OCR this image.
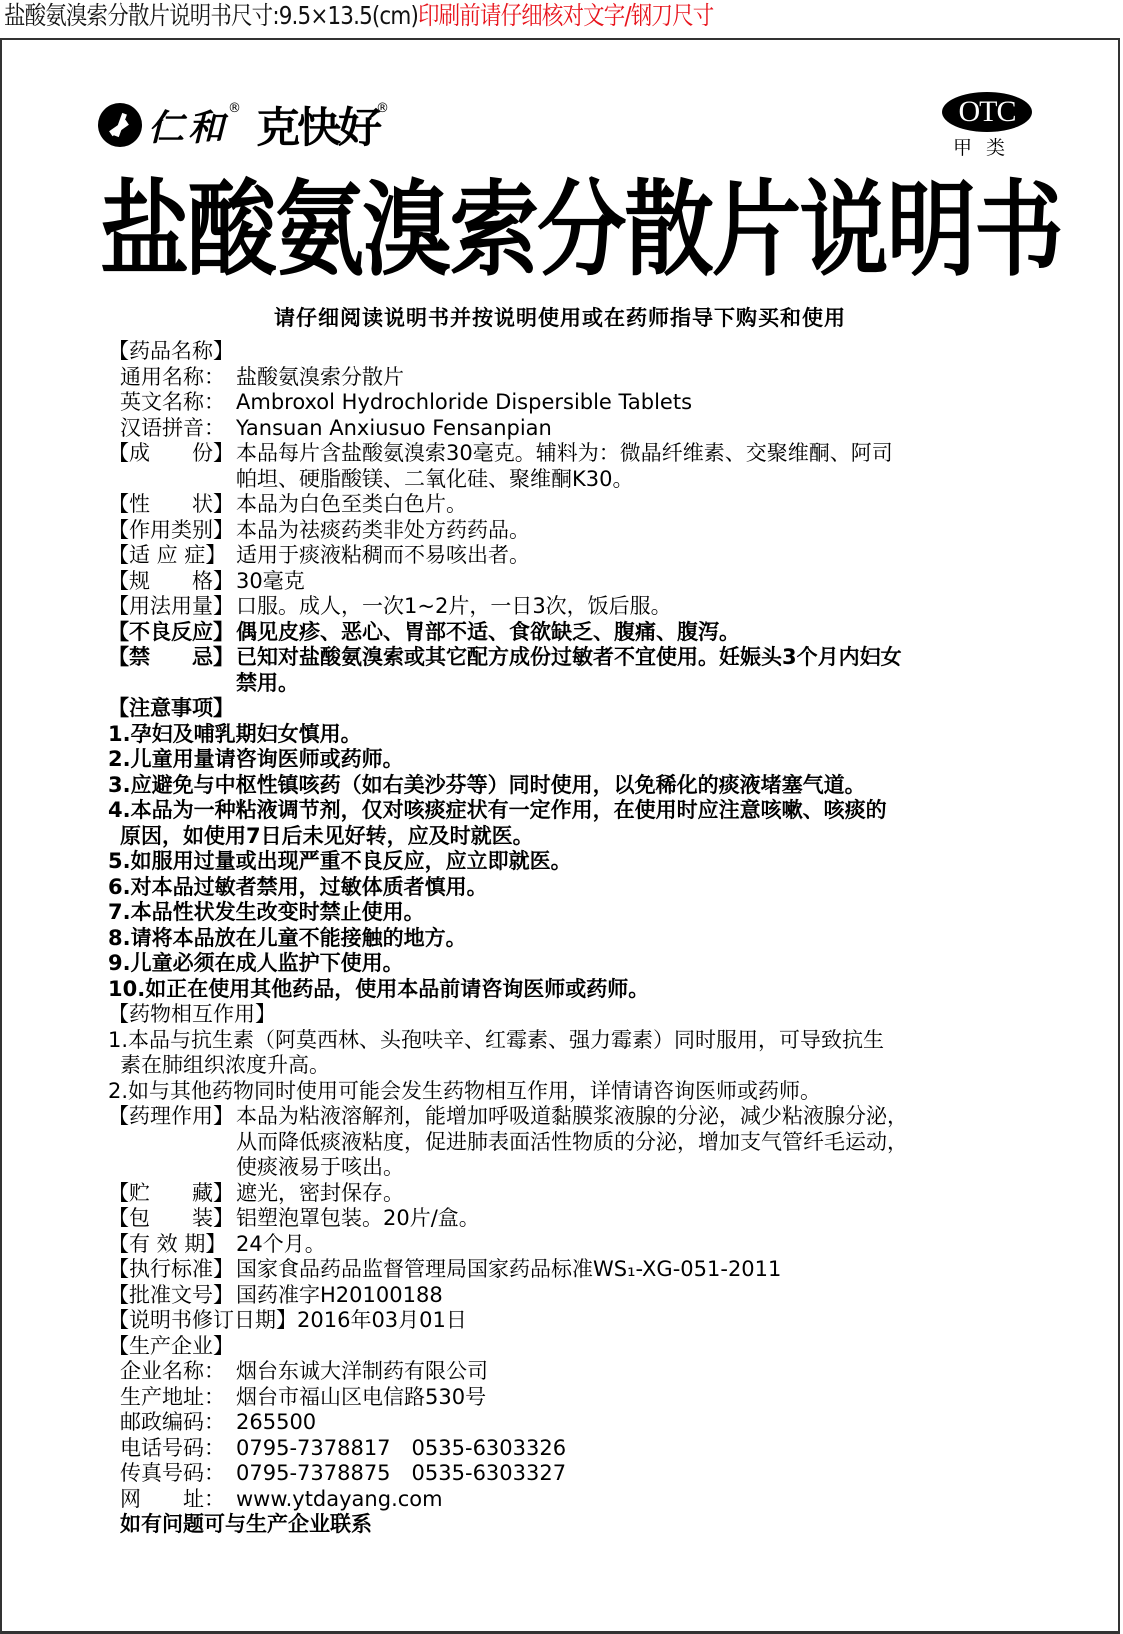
盐酸氨溴索分散片说明书尺寸:9.5×13.5(cm)印刷前请仔细核对文字/钢刀尺寸
仁和 ® 克快好
®	OTC
甲类
盐酸氨溴索分散片说明书
请仔细阅读说明书并按说明使用或在药师指导下购买和使用
【药品名称】
通用名称： 盐酸氨溴索分散片
英文名称： Ambroxol Hydrochloride Dispersible Tablets
汉语拼音： Yansuan Anxiusuo Fensanpian
【成　　份】 本品每片含盐酸氨溴索30毫克。辅料为：微晶纤维素、交聚维酮、阿司
帕坦、硬脂酸镁、二氧化硅、聚维酮K30。
【性　　状】 本品为白色至类白色片。
【作用类别】 本品为祛痰药类非处方药药品。
【适 应 症】 适用于痰液粘稠而不易咳出者。
【规　　格】 30毫克
【用法用量】 口服。成人，一次1~2片，一日3次，饭后服。
【不良反应】 偶见皮疹、恶心、胃部不适、食欲缺乏、腹痛、腹泻。
【禁　　忌】 已知对盐酸氨溴索或其它配方成份过敏者不宜使用。妊娠头3个月内妇女
禁用。
【注意事项】
1.孕妇及哺乳期妇女慎用。
2.儿童用量请咨询医师或药师。
3.应避免与中枢性镇咳药（如右美沙芬等）同时使用，以免稀化的痰液堵塞气道。
4.本品为一种粘液调节剂，仅对咳痰症状有一定作用，在使用时应注意咳嗽、咳痰的
原因，如使用7日后未见好转，应及时就医。
5.如服用过量或出现严重不良反应，应立即就医。
6.对本品过敏者禁用，过敏体质者慎用。
7.本品性状发生改变时禁止使用。
8.请将本品放在儿童不能接触的地方。
9.儿童必须在成人监护下使用。
10.如正在使用其他药品，使用本品前请咨询医师或药师。
【药物相互作用】
1.本品与抗生素（阿莫西林、头孢呋辛、红霉素、强力霉素）同时服用，可导致抗生
素在肺组织浓度升高。
2.如与其他药物同时使用可能会发生药物相互作用，详情请咨询医师或药师。
【药理作用】 本品为粘液溶解剂，能增加呼吸道黏膜浆液腺的分泌，减少粘液腺分泌，
从而降低痰液粘度，促进肺表面活性物质的分泌，增加支气管纤毛运动，
使痰液易于咳出。
【贮　　藏】 遮光，密封保存。
【包　　装】 铝塑泡罩包装。20片/盒。
【有 效 期】 24个月。
【执行标准】 国家食品药品监督管理局国家药品标准WS₁-XG-051-2011
【批准文号】 国药准字H20100188
【说明书修订日期】2016年03月01日
【生产企业】
企业名称： 烟台东诚大洋制药有限公司
生产地址： 烟台市福山区电信路530号
邮政编码： 265500
电话号码： 0795-7378817　0535-6303326
传真号码： 0795-7378875　0535-6303327
网　　址： www.ytdayang.com
如有问题可与生产企业联系
